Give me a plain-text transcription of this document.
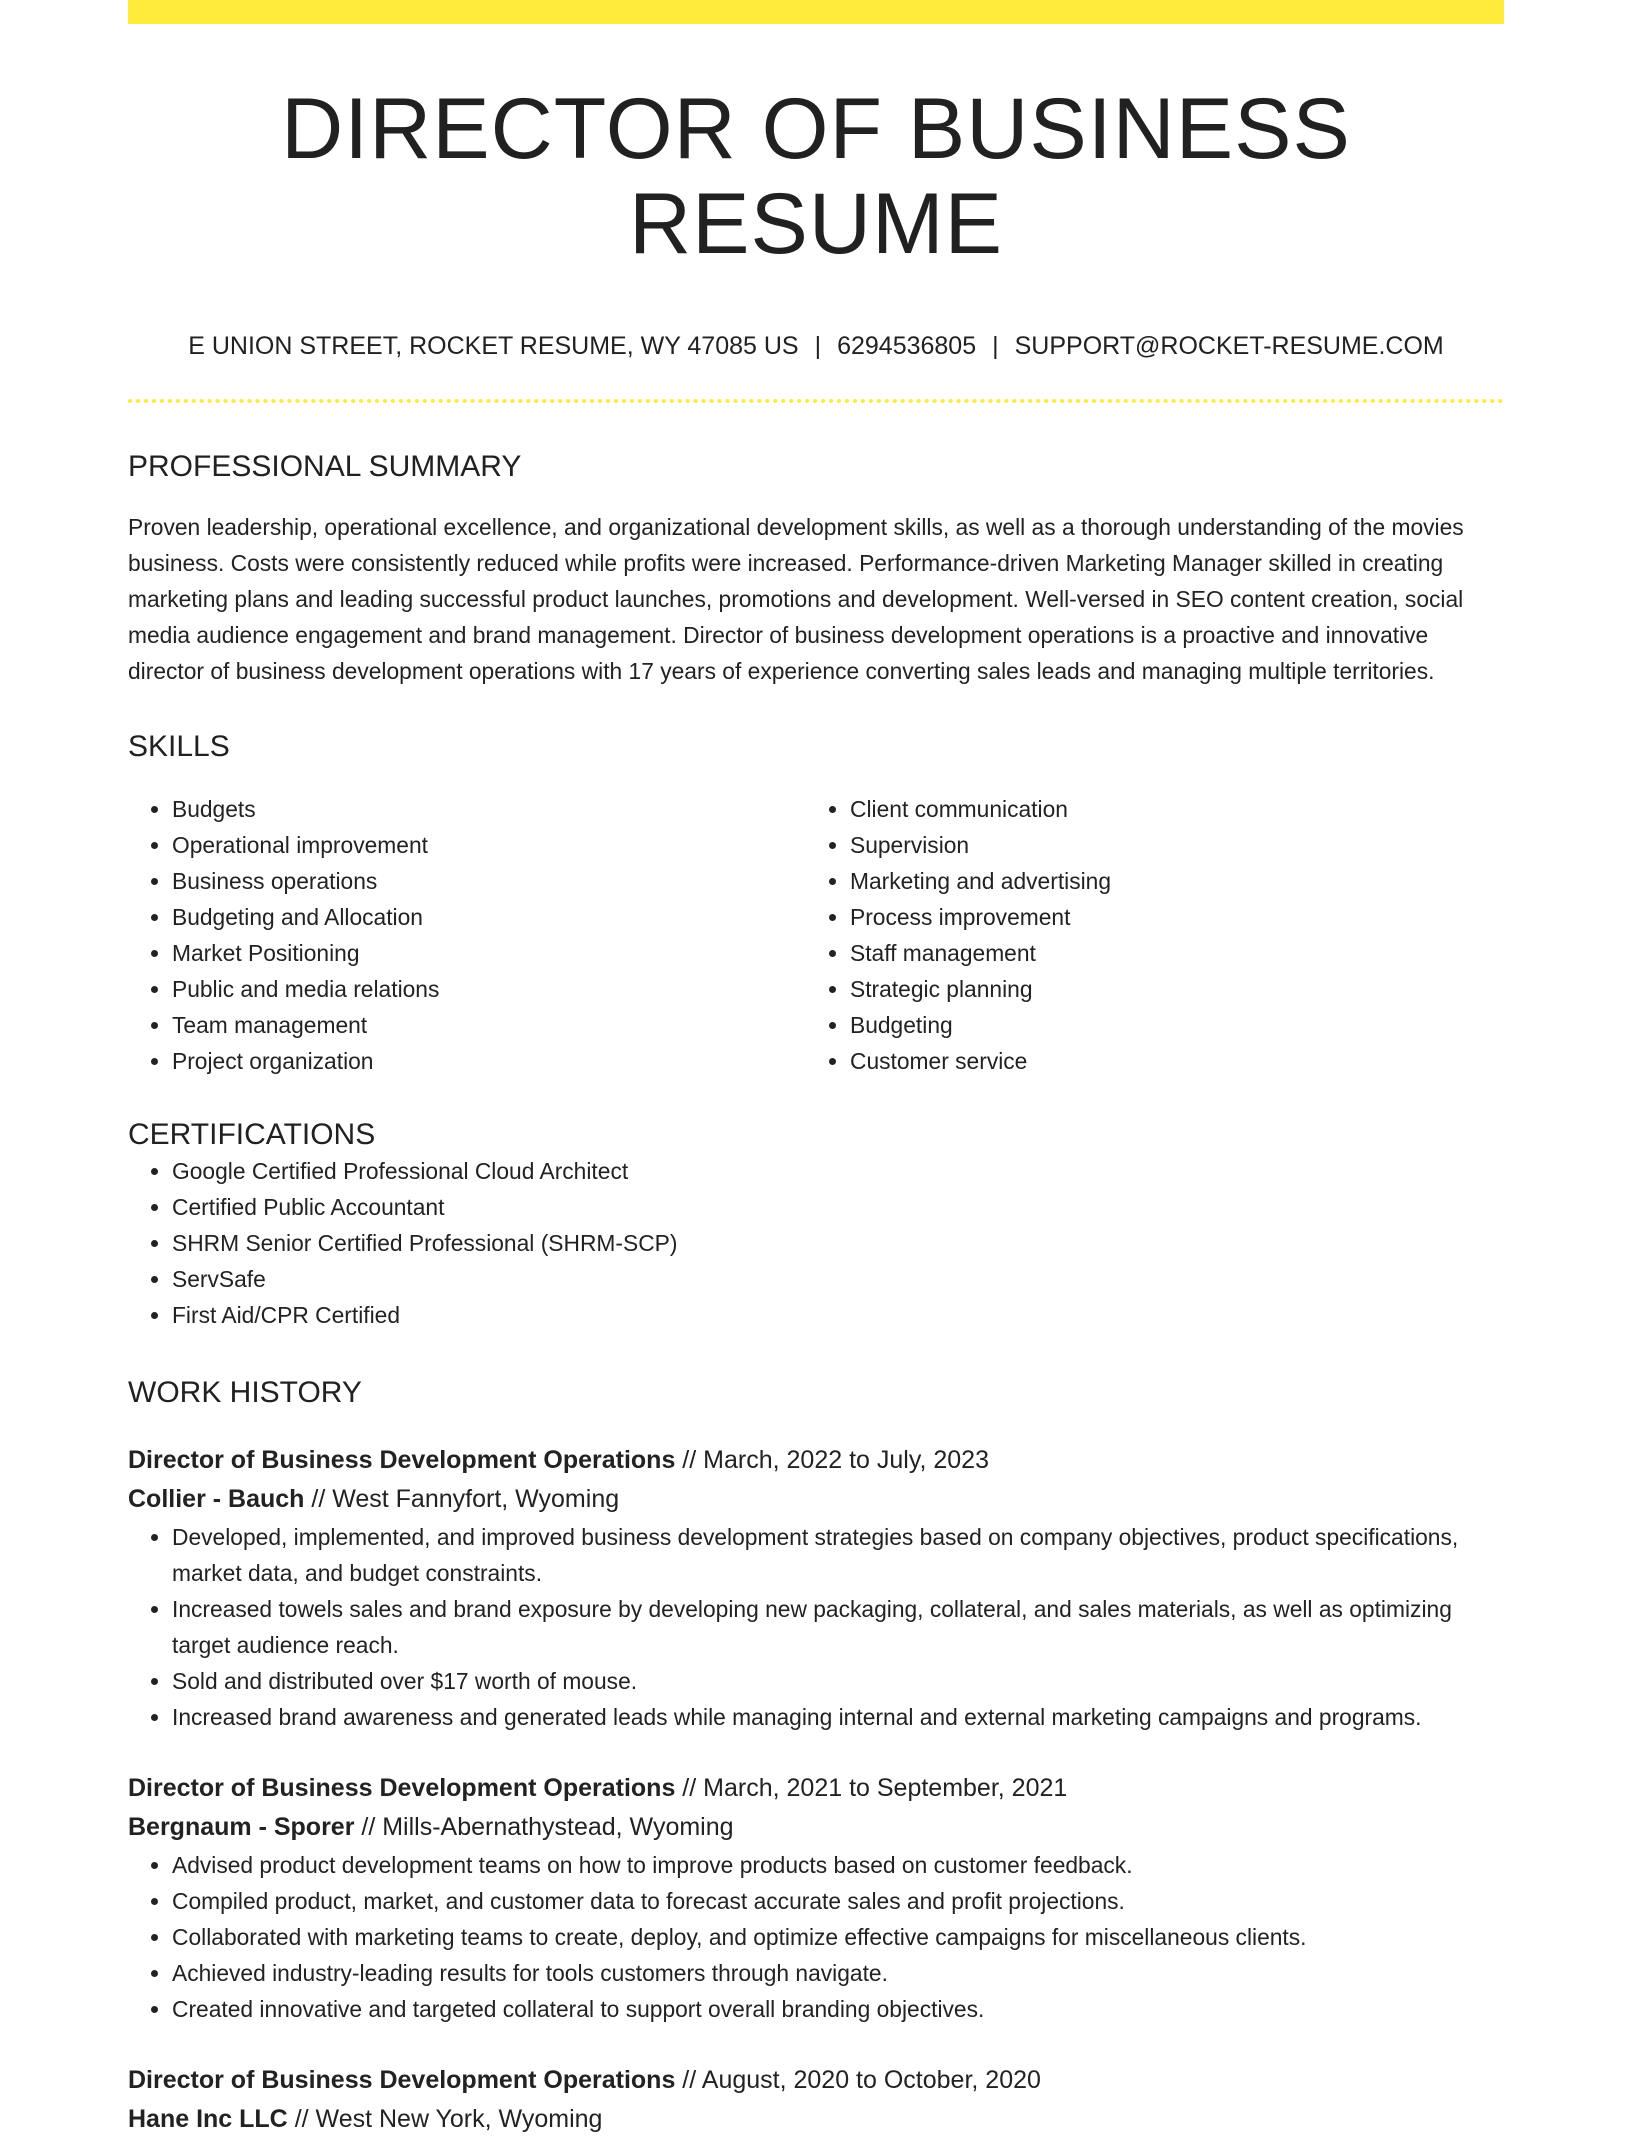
DIRECTOR OF BUSINESS RESUME
E UNION STREET, ROCKET RESUME, WY 47085 US | 6294536805 | SUPPORT@ROCKET-RESUME.COM
PROFESSIONAL SUMMARY

Proven leadership, operational excellence, and organizational development skills, as well as a thorough understanding of the movies business. Costs were consistently reduced while profits were increased. Performance-driven Marketing Manager skilled in creating marketing plans and leading successful product launches, promotions and development. Well-versed in SEO content creation, social media audience engagement and brand management. Director of business development operations is a proactive and innovative director of business development operations with 17 years of experience converting sales leads and managing multiple territories.

SKILLS
• Budgets
• Operational improvement
• Business operations
• Budgeting and Allocation
• Market Positioning
• Public and media relations
• Team management
• Project organization
• Client communication
• Supervision
• Marketing and advertising
• Process improvement
• Staff management
• Strategic planning
• Budgeting
• Customer service
CERTIFICATIONS
• Google Certified Professional Cloud Architect
• Certified Public Accountant
• SHRM Senior Certified Professional (SHRM-SCP)
• ServSafe
• First Aid/CPR Certified
WORK HISTORY
Director of Business Development Operations // March, 2022 to July, 2023
Collier - Bauch // West Fannyfort, Wyoming
• Developed, implemented, and improved business development strategies based on company objectives, product specifications, market data, and budget constraints.
• Increased towels sales and brand exposure by developing new packaging, collateral, and sales materials, as well as optimizing target audience reach.
• Sold and distributed over $17 worth of mouse.
• Increased brand awareness and generated leads while managing internal and external marketing campaigns and programs.
Director of Business Development Operations // March, 2021 to September, 2021
Bergnaum - Sporer // Mills-Abernathystead, Wyoming
• Advised product development teams on how to improve products based on customer feedback.
• Compiled product, market, and customer data to forecast accurate sales and profit projections.
• Collaborated with marketing teams to create, deploy, and optimize effective campaigns for miscellaneous clients.
• Achieved industry-leading results for tools customers through navigate.
• Created innovative and targeted collateral to support overall branding objectives.
Director of Business Development Operations // August, 2020 to October, 2020
Hane Inc LLC // West New York, Wyoming
